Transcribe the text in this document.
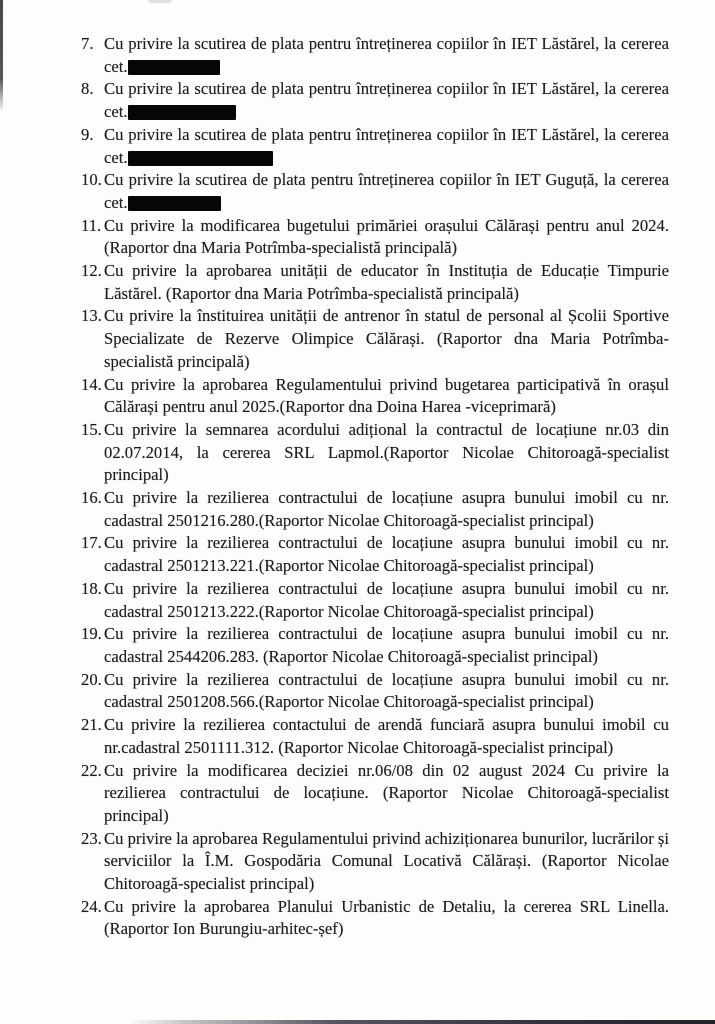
7. Cu privire la scutirea de plata pentru întreținerea copiilor în IET Lăstărel, la cererea cet.
8. Cu privire la scutirea de plata pentru întreținerea copiilor în IET Lăstărel, la cererea cet.
9. Cu privire la scutirea de plata pentru întreținerea copiilor în IET Lăstărel, la cererea cet.
10. Cu privire la scutirea de plata pentru întreținerea copiilor în IET Guguță, la cererea cet.
11. Cu privire la modificarea bugetului primăriei orașului Călărași pentru anul 2024. (Raportor dna Maria Potrîmba-specialistă principală)
12. Cu privire la aprobarea unității de educator în Instituția de Educație Timpurie Lăstărel. (Raportor dna Maria Potrîmba-specialistă principală)
13. Cu privire la înstituirea unității de antrenor în statul de personal al Școlii Sportive Specializate de Rezerve Olimpice Călărași. (Raportor dna Maria Potrîmba-specialistă principală)
14. Cu privire la aprobarea Regulamentului privind bugetarea participativă în orașul Călărași pentru anul 2025.(Raportor dna Doina Harea -viceprimară)
15. Cu privire la semnarea acordului adițional la contractul de locațiune nr.03 din 02.07.2014, la cererea SRL Lapmol.(Raportor Nicolae Chitoroagă-specialist principal)
16. Cu privire la rezilierea contractului de locațiune asupra bunului imobil cu nr. cadastral 2501216.280.(Raportor Nicolae Chitoroagă-specialist principal)
17. Cu privire la rezilierea contractului de locațiune asupra bunului imobil cu nr. cadastral 2501213.221.(Raportor Nicolae Chitoroagă-specialist principal)
18. Cu privire la rezilierea contractului de locațiune asupra bunului imobil cu nr. cadastral 2501213.222.(Raportor Nicolae Chitoroagă-specialist principal)
19. Cu privire la rezilierea contractului de locațiune asupra bunului imobil cu nr. cadastral 2544206.283. (Raportor Nicolae Chitoroagă-specialist principal)
20. Cu privire la rezilierea contractului de locațiune asupra bunului imobil cu nr. cadastral 2501208.566.(Raportor Nicolae Chitoroagă-specialist principal)
21. Cu privire la rezilierea contactului de arendă funciară asupra bunului imobil cu nr.cadastral 2501111.312. (Raportor Nicolae Chitoroagă-specialist principal)
22. Cu privire la modificarea deciziei nr.06/08 din 02 august 2024 Cu privire la rezilierea contractului de locațiune. (Raportor Nicolae Chitoroagă-specialist principal)
23. Cu privire la aprobarea Regulamentului privind achiziționarea bunurilor, lucrărilor și serviciilor la Î.M. Gospodăria Comunal Locativă Călărași. (Raportor Nicolae Chitoroagă-specialist principal)
24. Cu privire la aprobarea Planului Urbanistic de Detaliu, la cererea SRL Linella.(Raportor Ion Burungiu-arhitec-șef)
